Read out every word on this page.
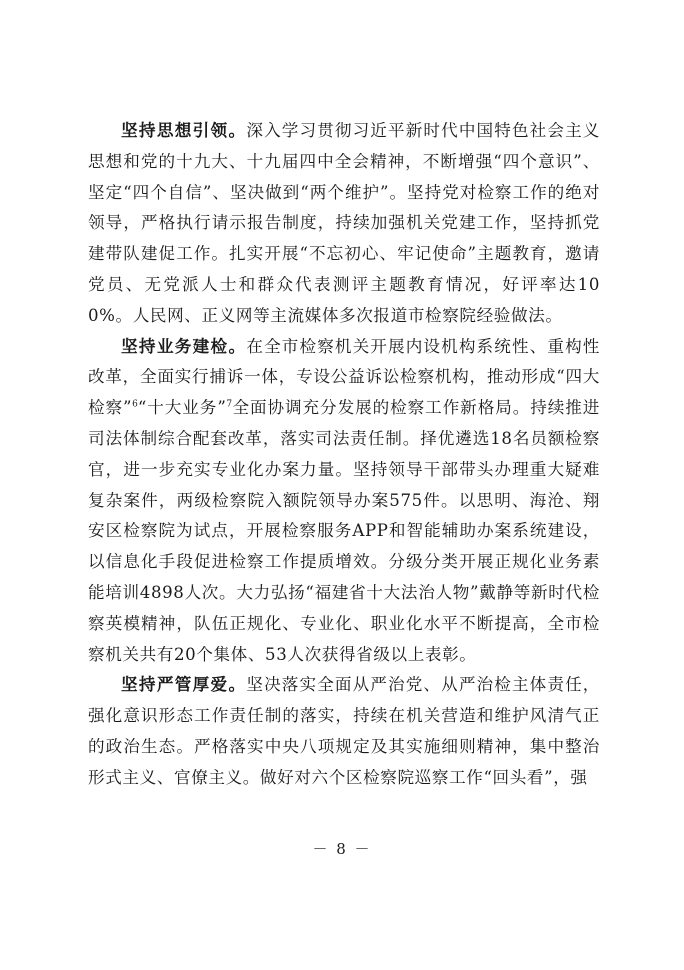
坚持思想引领。深入学习贯彻习近平新时代中国特色社会主义思想和党的十九大、十九届四中全会精神，不断增强“四个意识”、坚定“四个自信”、坚决做到“两个维护”。坚持党对检察工作的绝对领导，严格执行请示报告制度，持续加强机关党建工作，坚持抓党建带队建促工作。扎实开展“不忘初心、牢记使命”主题教育，邀请党员、无党派人士和群众代表测评主题教育情况，好评率达100%。人民网、正义网等主流媒体多次报道市检察院经验做法。

坚持业务建检。在全市检察机关开展内设机构系统性、重构性改革，全面实行捕诉一体，专设公益诉讼检察机构，推动形成“四大检察”$^6$“十大业务”$^7$全面协调充分发展的检察工作新格局。持续推进司法体制综合配套改革，落实司法责任制。择优遴选18名员额检察官，进一步充实专业化办案力量。坚持领导干部带头办理重大疑难复杂案件，两级检察院入额院领导办案575件。以思明、海沧、翔安区检察院为试点，开展检察服务APP和智能辅助办案系统建设，以信息化手段促进检察工作提质增效。分级分类开展正规化业务素能培训4898人次。大力弘扬“福建省十大法治人物”戴静等新时代检察英模精神，队伍正规化、专业化、职业化水平不断提高，全市检察机关共有20个集体、53人次获得省级以上表彰。

坚持严管厚爱。坚决落实全面从严治党、从严治检主体责任，强化意识形态工作责任制的落实，持续在机关营造和维护风清气正的政治生态。严格落实中央八项规定及其实施细则精神，集中整治形式主义、官僚主义。做好对六个区检察院巡察工作“回头看”，强

－ 8 －
